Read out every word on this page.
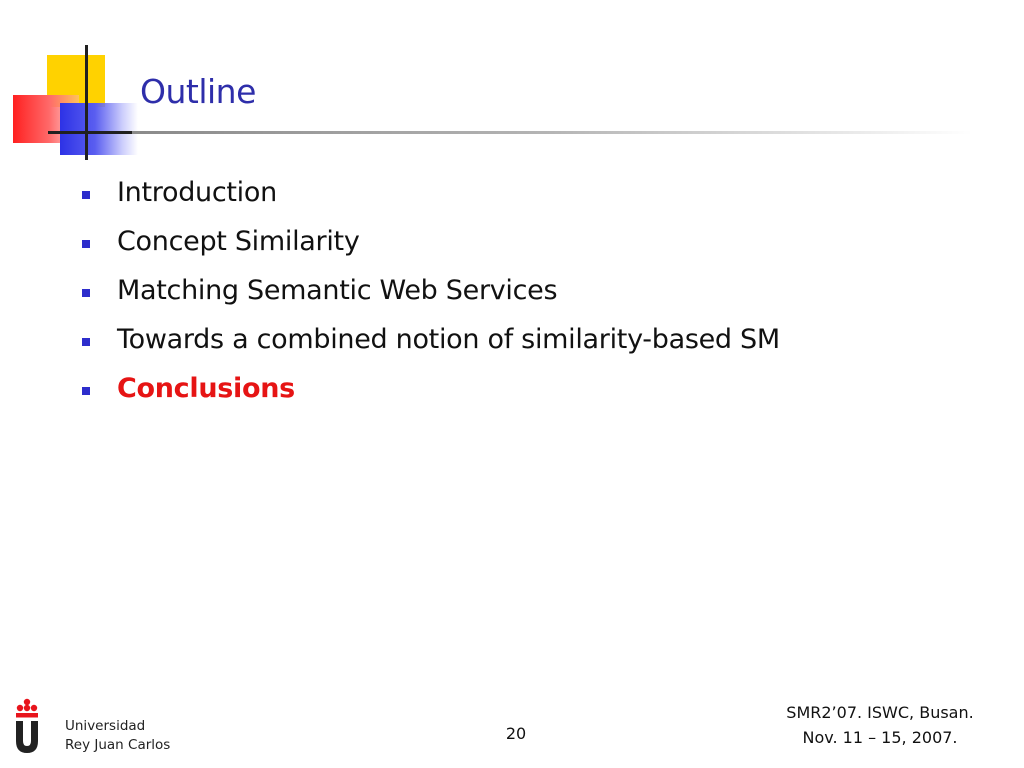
Outline
Introduction
Concept Similarity
Matching Semantic Web Services
Towards a combined notion of similarity-based SM
Conclusions
Universidad
Rey Juan Carlos
20
SMR2’07. ISWC, Busan.
Nov. 11 – 15, 2007.
